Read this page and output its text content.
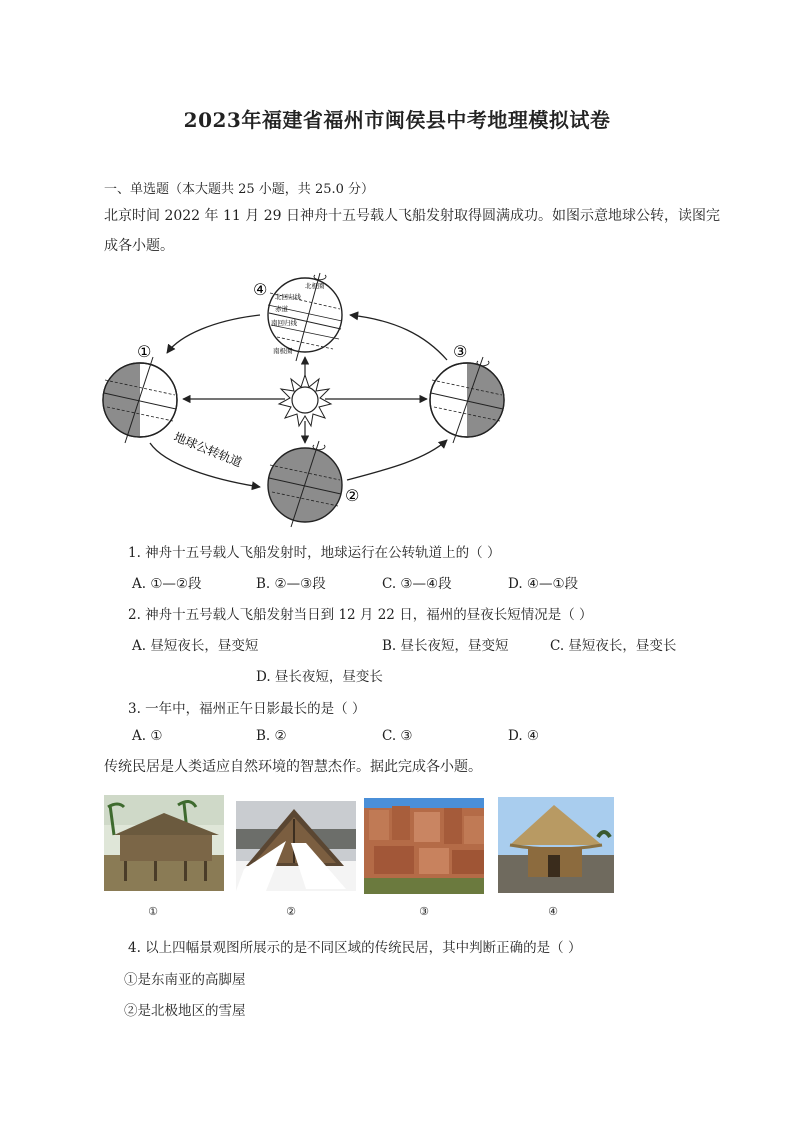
2023年福建省福州市闽侯县中考地理模拟试卷
一、单选题（本大题共 25 小题，共 25.0 分）
北京时间 2022 年 11 月 29 日神舟十五号载人飞船发射取得圆满成功。如图示意地球公转，读图完
成各小题。
北极圈
北回归线
赤道
南回归线
南极圈
④
①	③
②
地球公转轨道
1. 神舟十五号载人飞船发射时，地球运行在公转轨道上的（ ）
A. ①—②段	B. ②—③段	C. ③—④段	D. ④—①段
2. 神舟十五号载人飞船发射当日到 12 月 22 日，福州的昼夜长短情况是（ ）
A. 昼短夜长，昼变短	B. 昼长夜短，昼变短	C. 昼短夜长，昼变长
D. 昼长夜短，昼变长
3. 一年中，福州正午日影最长的是（ ）
A. ①	B. ②	C. ③	D. ④
传统民居是人类适应自然环境的智慧杰作。据此完成各小题。
①	②	③	④
4. 以上四幅景观图所展示的是不同区域的传统民居，其中判断正确的是（ ）
①是东南亚的高脚屋
②是北极地区的雪屋
